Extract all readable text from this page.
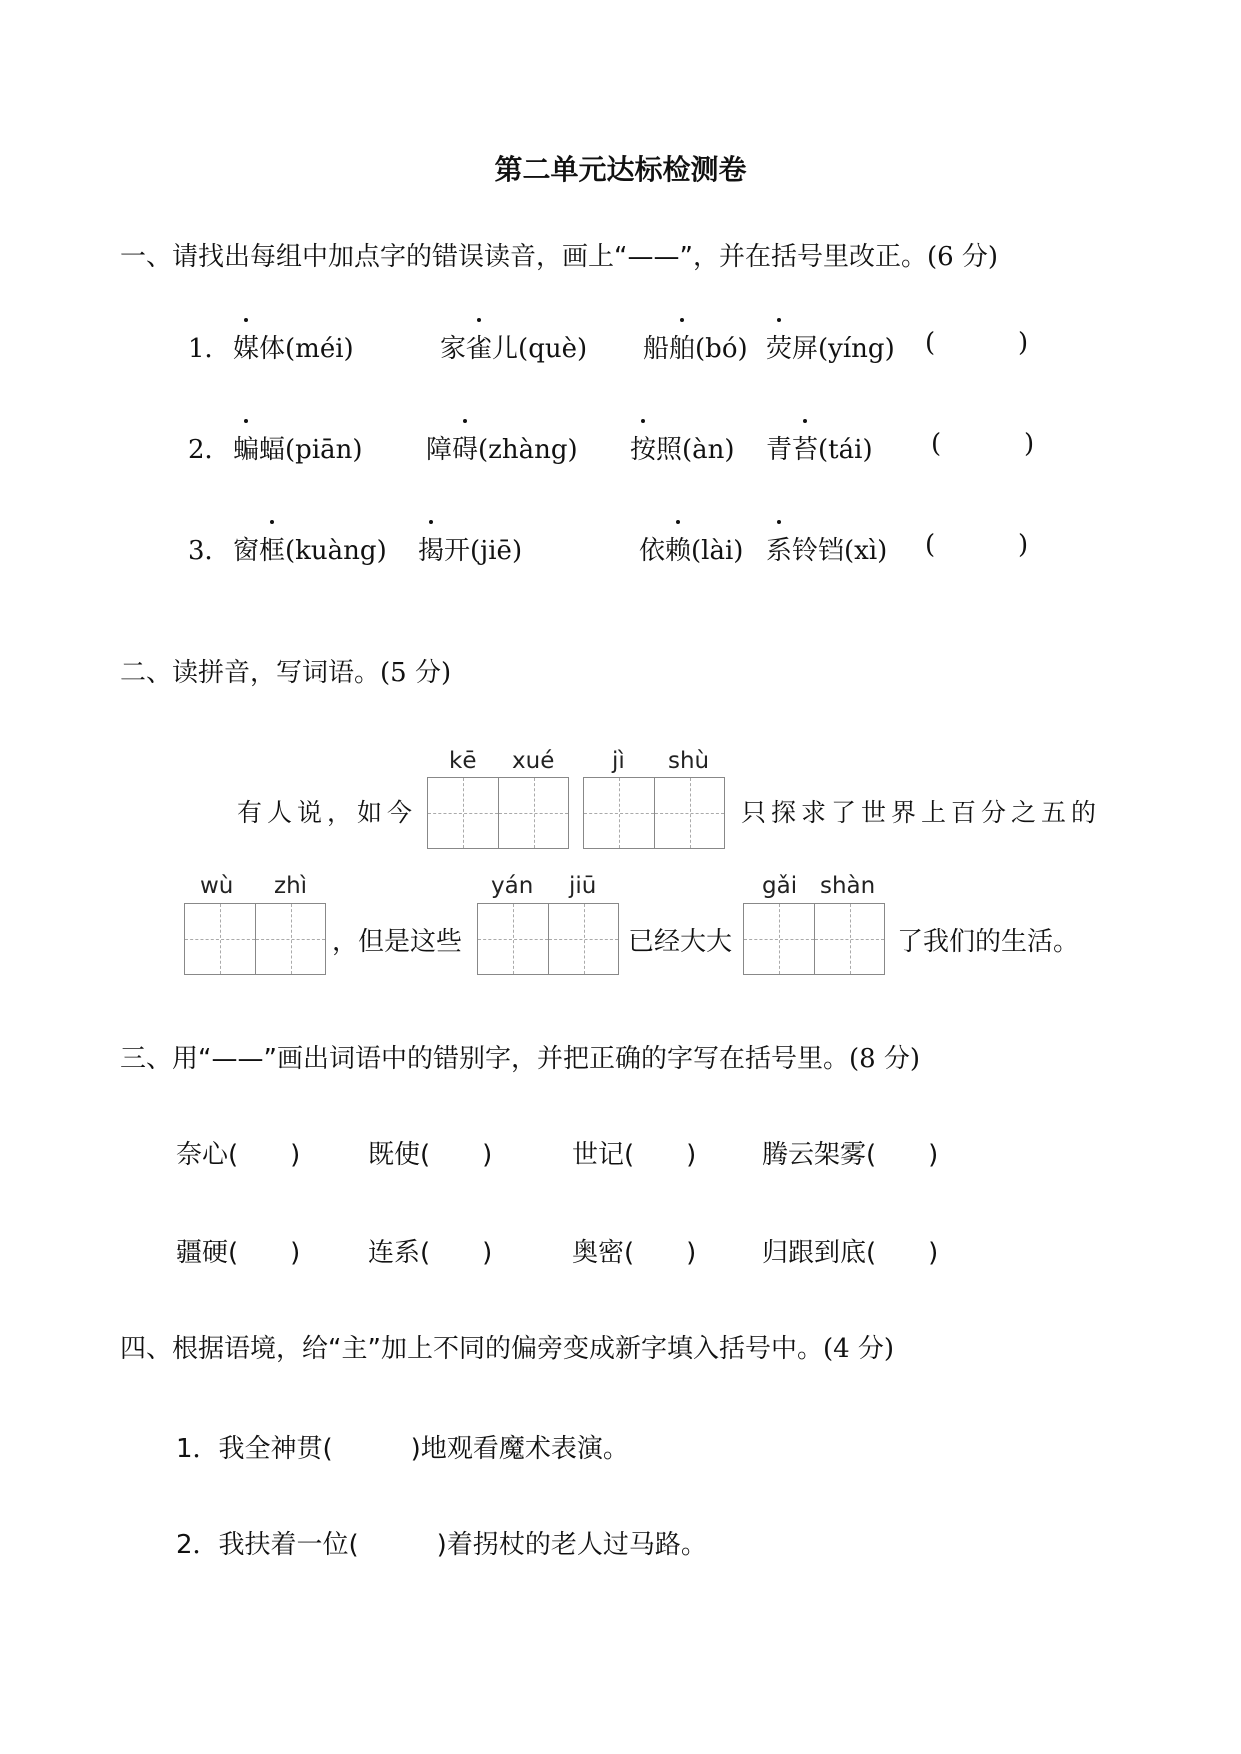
第二单元达标检测卷
一、请找出每组中加点字的错误读音，画上“——”，并在括号里改正。(6 分)
1． 媒体(méi)	家雀儿(què) 船舶(bó) 荧屏(yíng) (	)
2． 蝙蝠(piān) 障碍(zhàng) 按照(àn) 青苔(tái) (	)
3． 窗框(kuàng) 揭开(jiē)	依赖(lài) 系铃铛(xì) (	)
二、读拼音，写词语。(5 分)
有人说，如今
kē xué	jì shù
只探求了世界上百分之五的
wù zhì
，但是这些
yán jiū
已经大大
gǎi shàn
了我们的生活。
三、用“——”画出词语中的错别字，并把正确的字写在括号里。(8 分)
奈心(　　)	既使(　　)	世记(　　)	腾云架雾(　　)
疆硬(　　)	连系(　　)	奥密(　　)	归跟到底(　　)
四、根据语境，给“主”加上不同的偏旁变成新字填入括号中。(4 分)
1．我全神贯(　　　)地观看魔术表演。
2．我扶着一位(　　　)着拐杖的老人过马路。
